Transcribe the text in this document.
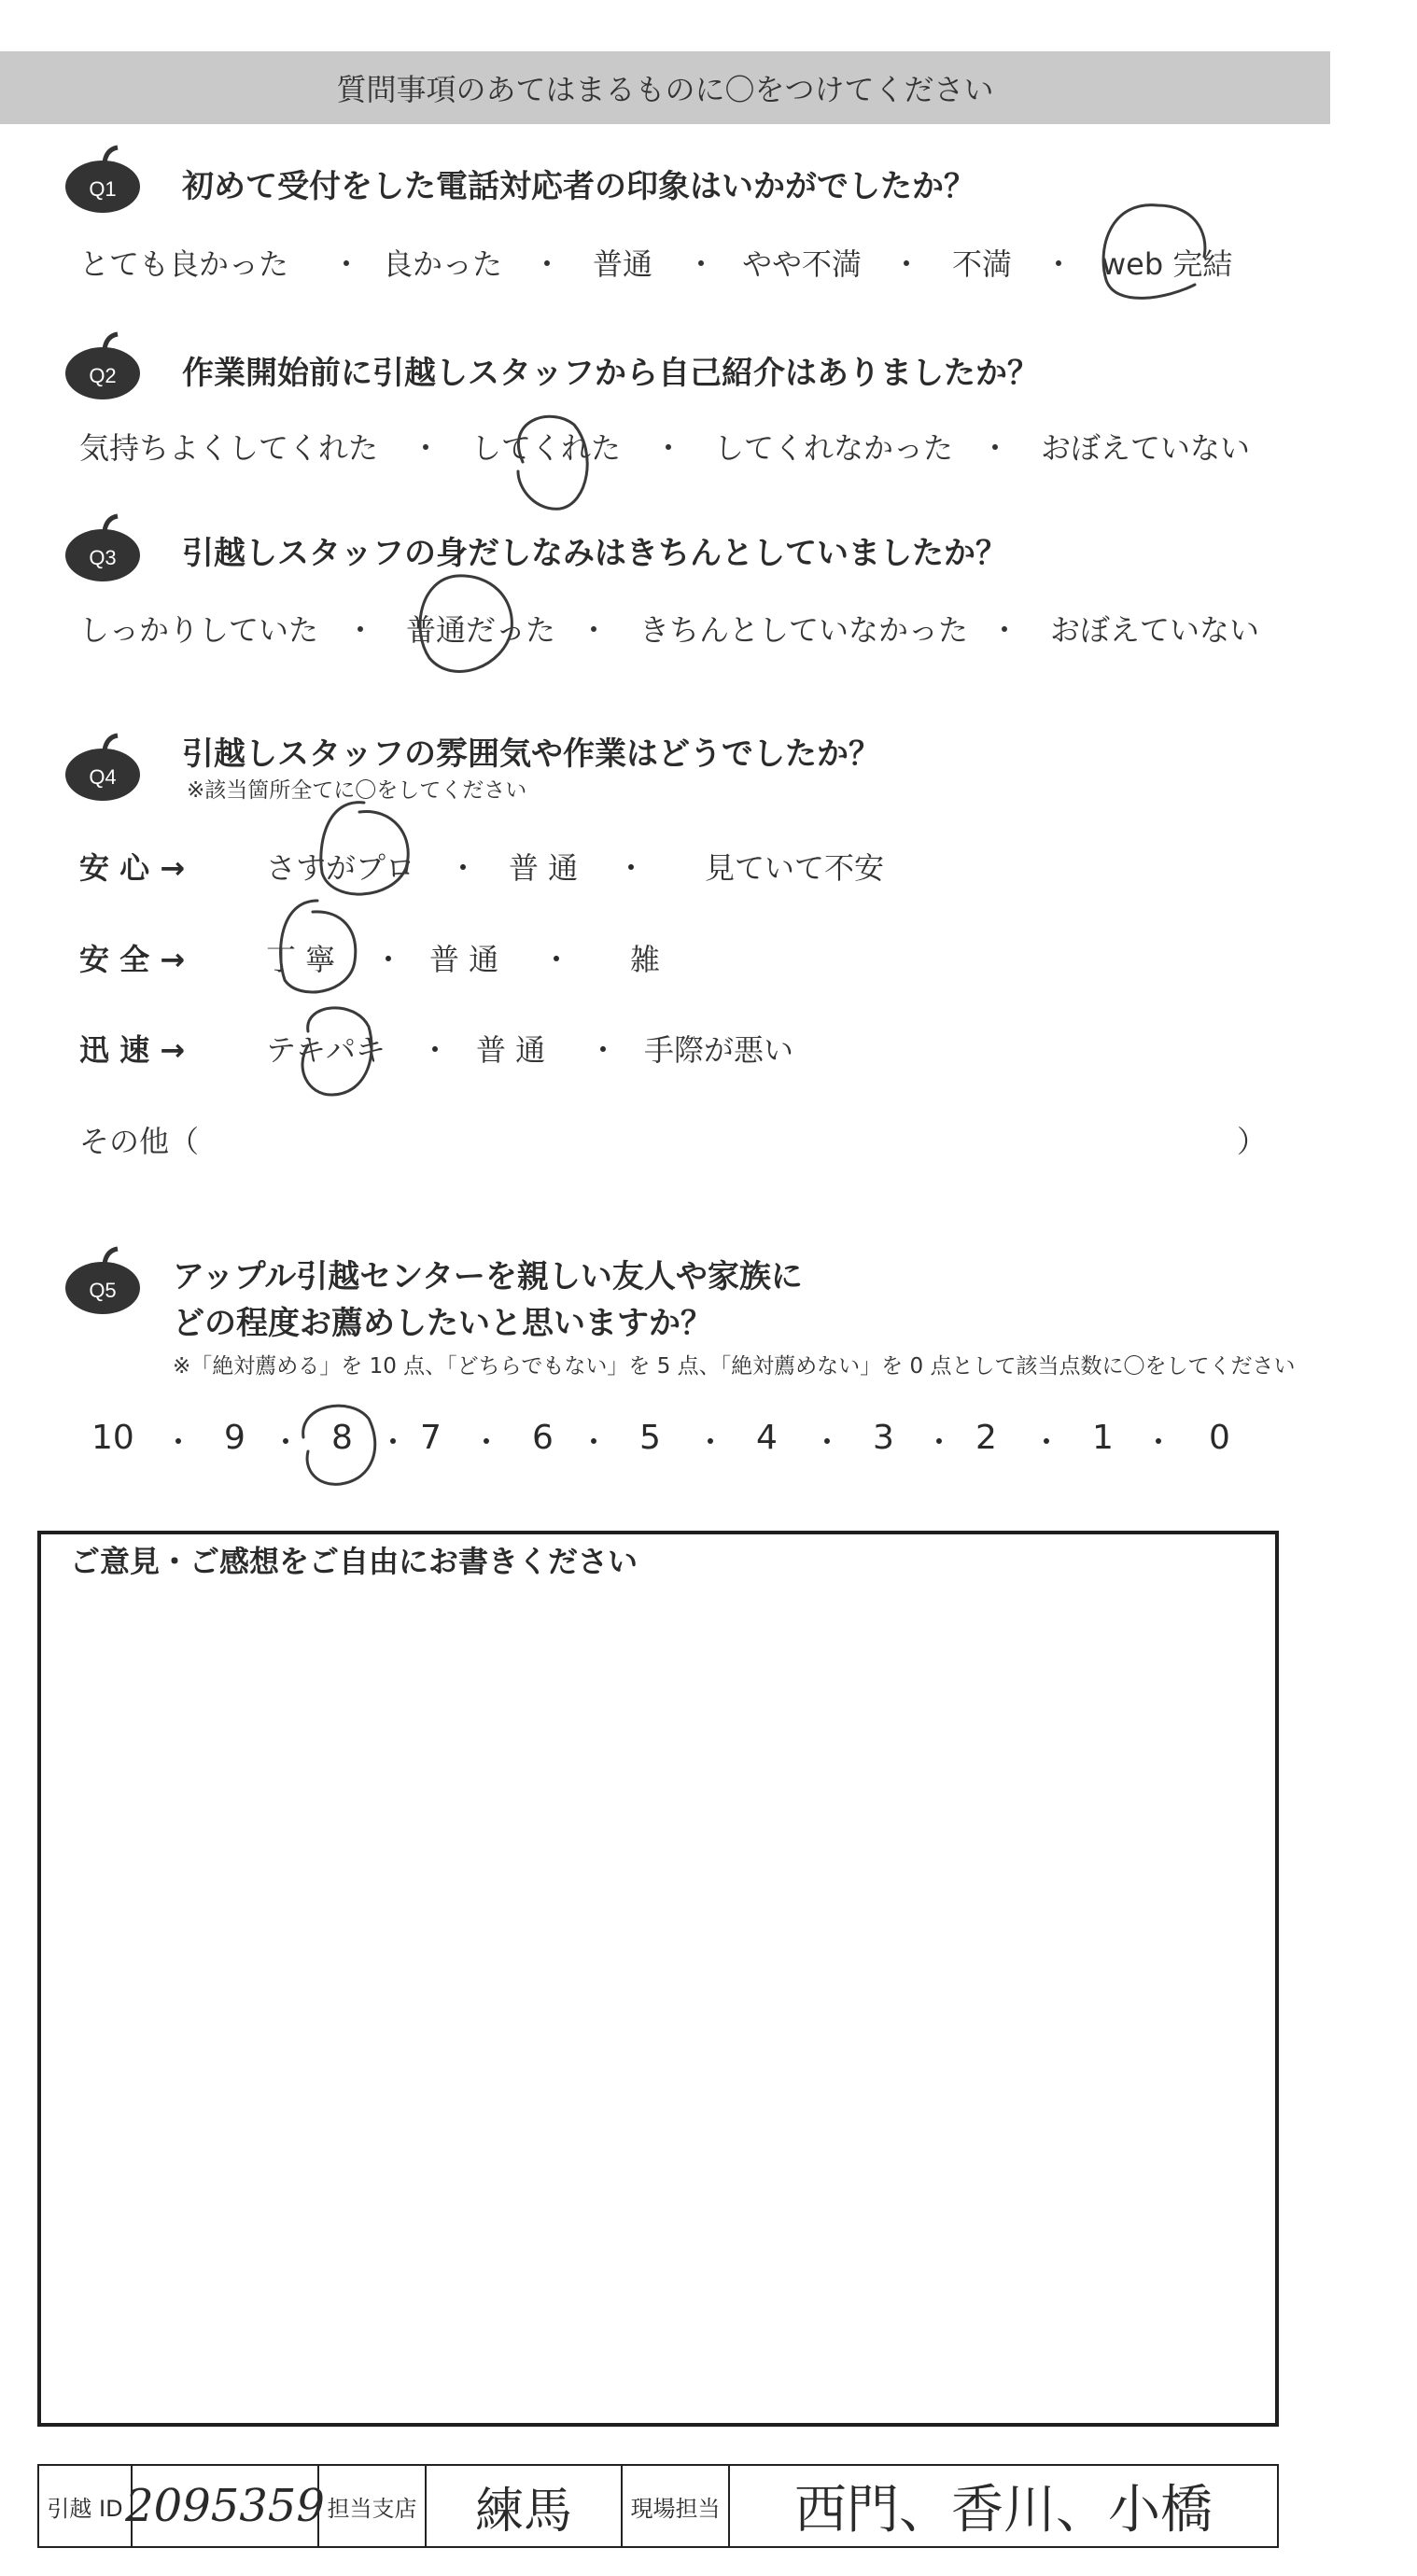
質問事項のあてはまるものに〇をつけてください
Q1 初めて受付をした電話対応者の印象はいかがでしたか？
とても良かった ・ 良かった ・ 普通 ・ やや不満 ・ 不満 ・ web 完結
Q2 作業開始前に引越しスタッフから自己紹介はありましたか？
気持ちよくしてくれた ・ してくれた ・ してくれなかった ・ おぼえていない
Q3 引越しスタッフの身だしなみはきちんとしていましたか？
しっかりしていた ・ 普通だった ・ きちんとしていなかった ・ おぼえていない
Q4
引越しスタッフの雰囲気や作業はどうでしたか？
※該当箇所全てに〇をしてください
安 心 →	さすがプロ ・ 普 通 ・ 見ていて不安
安 全 →	丁 寧 ・ 普 通 ・ 雑
迅 速 →	テキパキ ・ 普 通 ・ 手際が悪い
その他（	）
Q5 アップル引越センターを親しい友人や家族に
どの程度お薦めしたいと思いますか？
※「絶対薦める」を 10 点、「どちらでもない」を 5 点、「絶対薦めない」を 0 点として該当点数に〇をしてください
10 ・ 9 ・ 8 ・ 7 ・ 6 ・ 5 ・ 4 ・ 3 ・ 2 ・ 1 ・ 0
ご意見・ご感想をご自由にお書きください
引越 ID 2095359 担当支店	練馬	現場担当	西門、香川、小橋
